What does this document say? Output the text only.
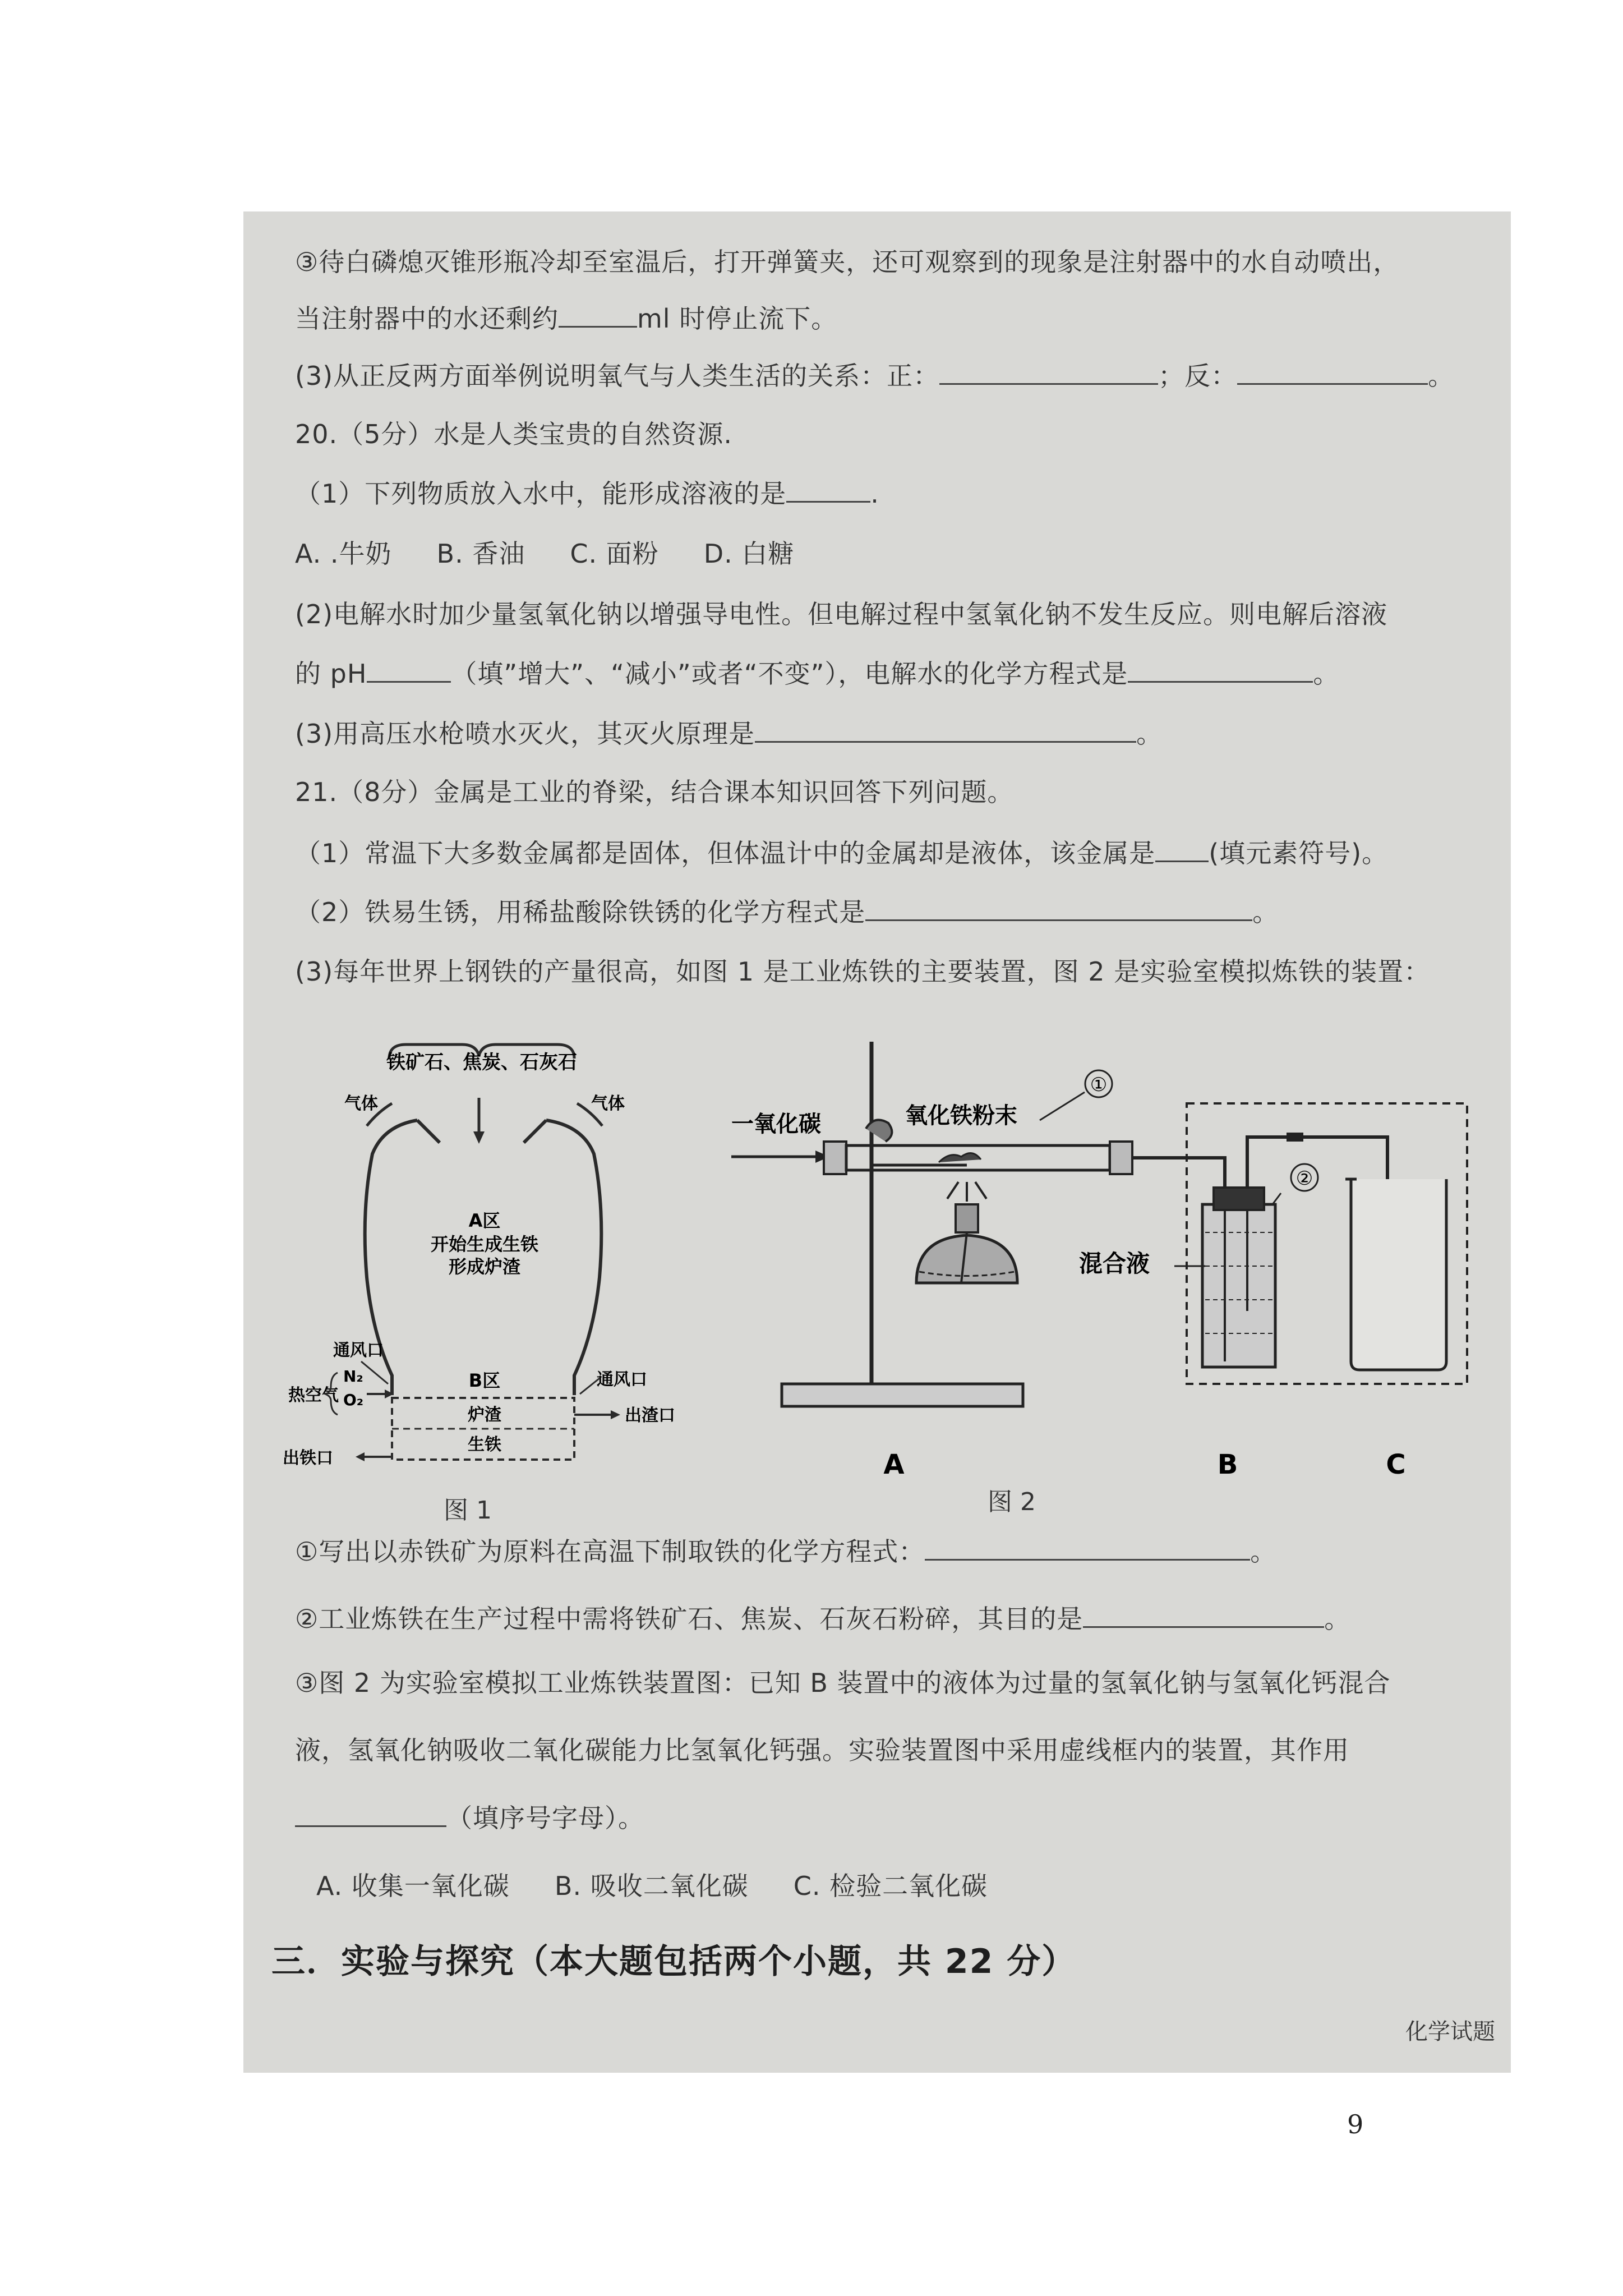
③待白磷熄灭锥形瓶冷却至室温后，打开弹簧夹，还可观察到的现象是注射器中的水自动喷出，
当注射器中的水还剩约	ml 时停止流下。
(3)从正反两方面举例说明氧气与人类生活的关系：正：	；反：	。
20.（5分）水是人类宝贵的自然资源.
（1）下列物质放入水中，能形成溶液的是	.
A. .牛奶 B. 香油 C. 面粉 D. 白糖
(2)电解水时加少量氢氧化钠以增强导电性。但电解过程中氢氧化钠不发生反应。则电解后溶液
的 pH	（填”增大”、“减小”或者“不变”），电解水的化学方程式是	。
(3)用高压水枪喷水灭火，其灭火原理是	。
21.（8分）金属是工业的脊梁，结合课本知识回答下列问题。
（1）常温下大多数金属都是固体，但体温计中的金属却是液体，该金属是 (填元素符号)。
（2）铁易生锈，用稀盐酸除铁锈的化学方程式是	。
(3)每年世界上钢铁的产量很高，如图 1 是工业炼铁的主要装置，图 2 是实验室模拟炼铁的装置：
铁矿石、焦炭、石灰石
气体	气体
A区
开始生成生铁
形成炉渣
B区
炉渣
生铁
通风口
热空气
N₂
O₂
通风口
出渣口
出铁口
图 1
一氧化碳	氧化铁粉末
①
A
②
混合液
B	C
图 2
①写出以赤铁矿为原料在高温下制取铁的化学方程式：	。
②工业炼铁在生产过程中需将铁矿石、焦炭、石灰石粉碎，其目的是	。
③图 2 为实验室模拟工业炼铁装置图：已知 B 装置中的液体为过量的氢氧化钠与氢氧化钙混合
液，氢氧化钠吸收二氧化碳能力比氢氧化钙强。实验装置图中采用虚线框内的装置，其作用
（填序号字母）。
A. 收集一氧化碳 B. 吸收二氧化碳 C. 检验二氧化碳
三．实验与探究（本大题包括两个小题，共 22 分）
化学试题
9
